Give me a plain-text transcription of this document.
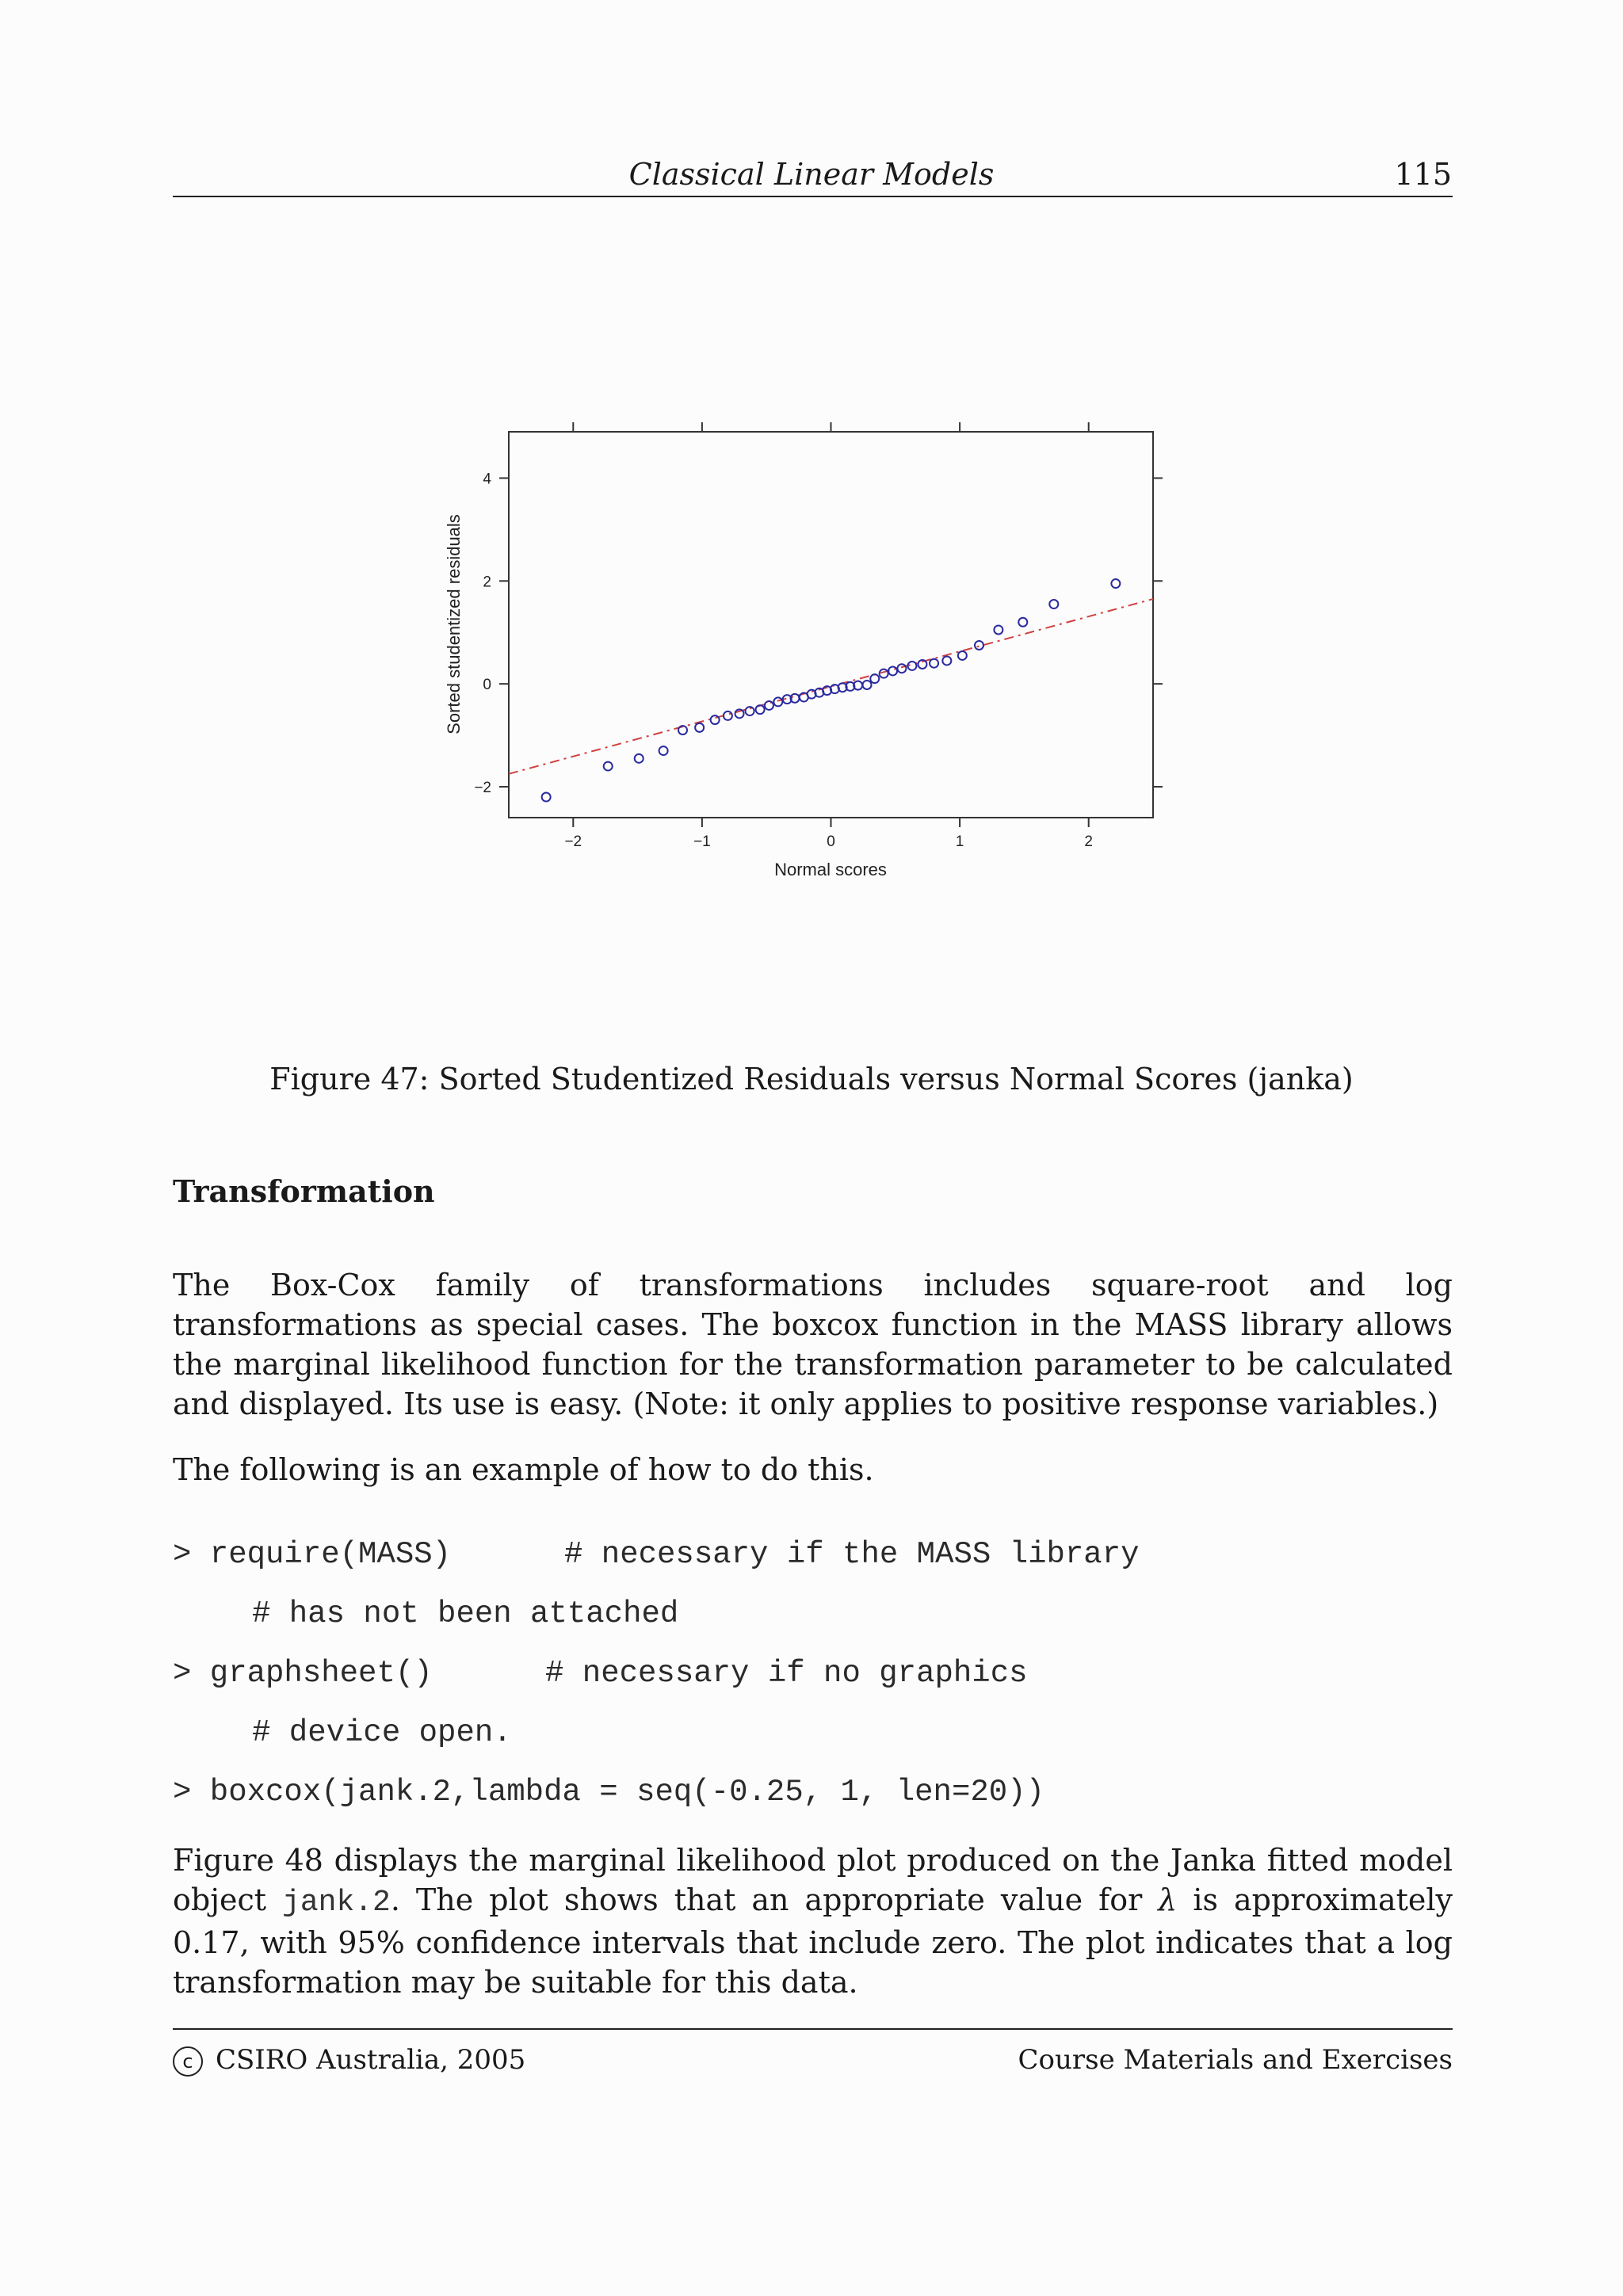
Classical Linear Models	115
−2	−1	0	1	2
−2
0
2
4
Normal scores
Sorted studentized residuals
Figure 47: Sorted Studentized Residuals versus Normal Scores (janka)
Transformation
The Box-Cox family of transformations includes square-root and log transformations as special cases. The boxcox function in the MASS library allows the marginal likelihood function for the transformation parameter to be calculated and displayed. Its use is easy. (Note: it only applies to positive response variables.)
The following is an example of how to do this.
> require(MASS)	# necessary if the MASS library
# has not been attached
> graphsheet()	# necessary if no graphics
# device open.
> boxcox(jank.2,lambda = seq(-0.25, 1, len=20))
Figure 48 displays the marginal likelihood plot produced on the Janka fitted model object jank.2. The plot shows that an appropriate value for λ is approximately 0.17, with 95% confidence intervals that include zero. The plot indicates that a log transformation may be suitable for this data.
c CSIRO Australia, 2005	Course Materials and Exercises
